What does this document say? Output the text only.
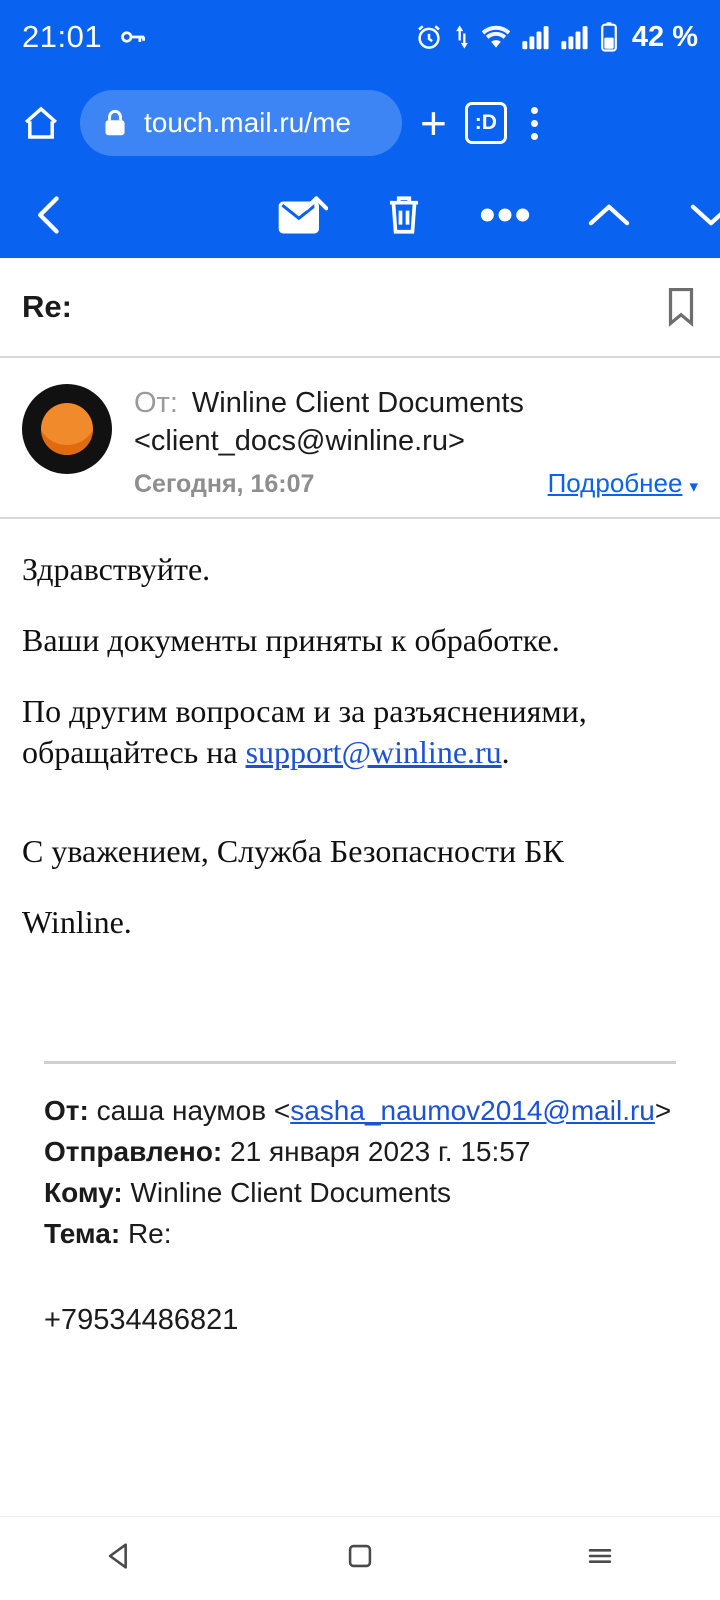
21:01	42 %
touch.mail.ru/me +	:D
Re:
От: Winline Client Documents
<client_docs@winline.ru>
Сегодня, 16:07	Подробнее ▾

Здравствуйте.

Ваши документы приняты к обработке.

По другим вопросам и за разъяснениями, обращайтесь на support@winline.ru.

С уважением, Служба Безопасности БК

Winline.

От: саша наумов <sasha_naumov2014@mail.ru>
Отправлено: 21 января 2023 г. 15:57
Кому: Winline Client Documents
Тема: Re:
+79534486821
